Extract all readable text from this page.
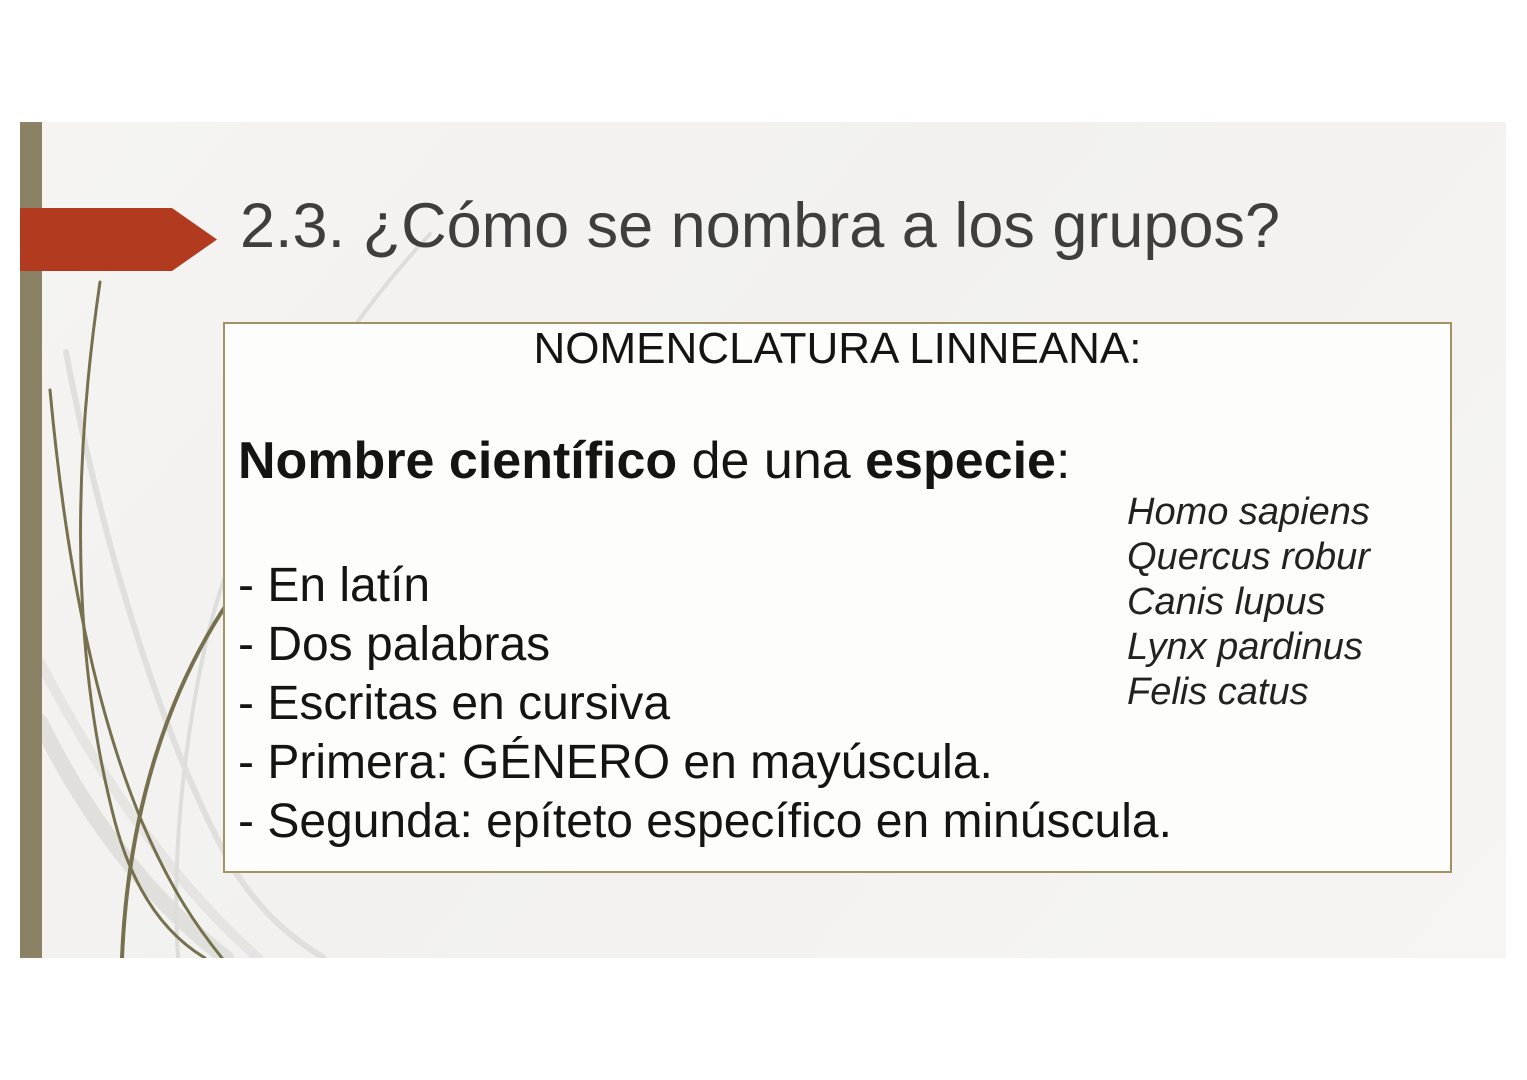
2.3. ¿Cómo se nombra a los grupos?
NOMENCLATURA LINNEANA:

Nombre científico de una especie:

- En latín
- Dos palabras
- Escritas en cursiva
- Primera: GÉNERO en mayúscula.
- Segunda: epíteto específico en minúscula.
Homo sapiens
Quercus robur
Canis lupus
Lynx pardinus
Felis catus
